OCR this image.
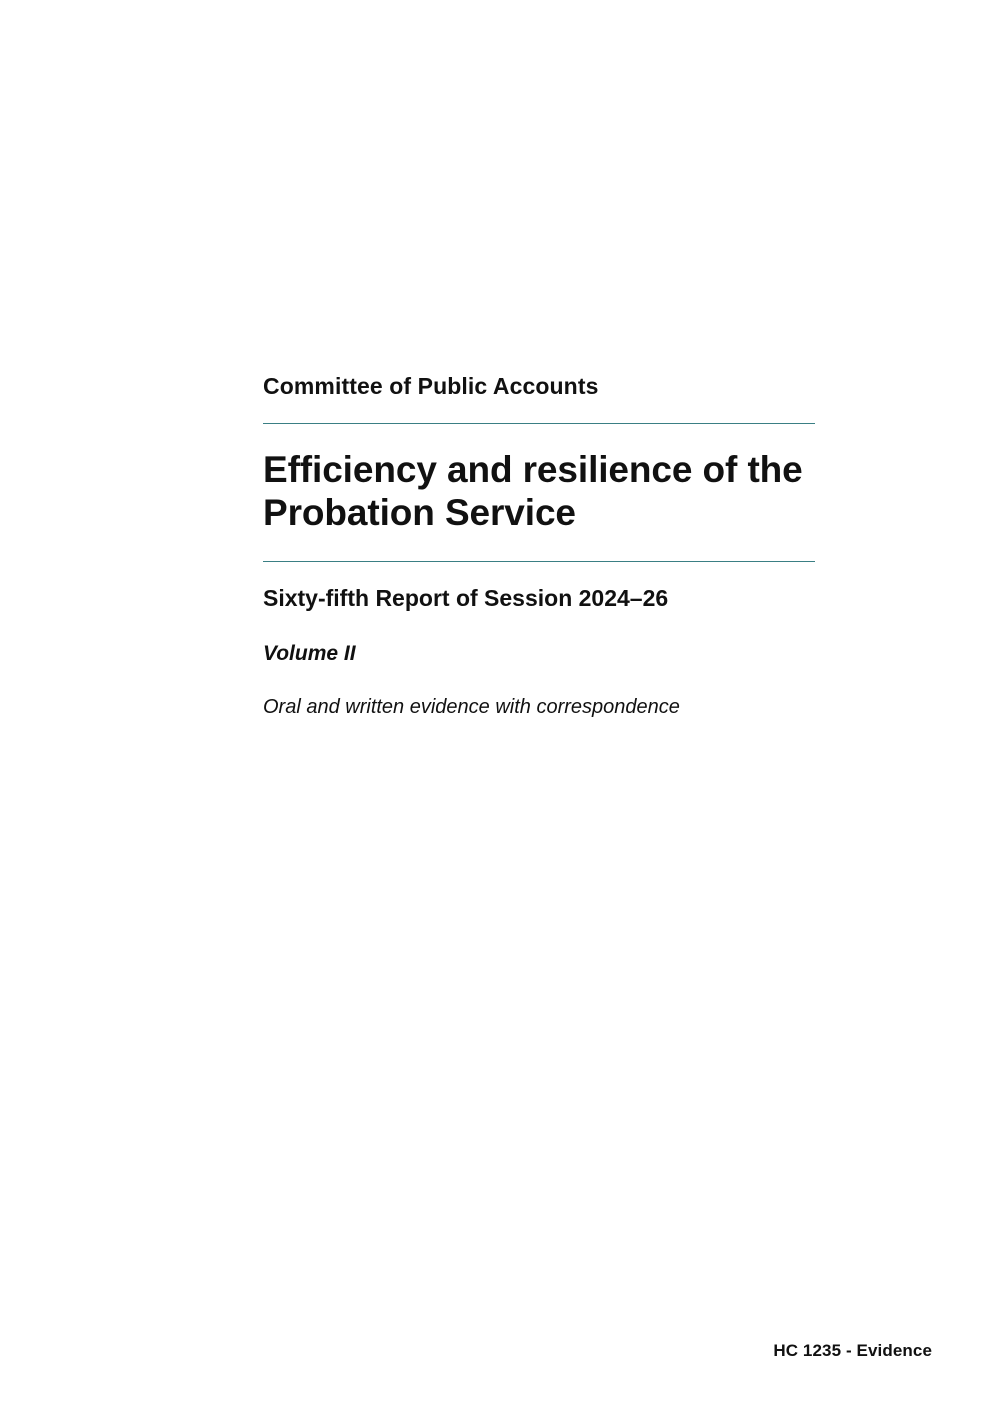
Committee of Public Accounts
Efficiency and resilience of the Probation Service
Sixty-fifth Report of Session 2024–26
Volume II
Oral and written evidence with correspondence
HC 1235 - Evidence
